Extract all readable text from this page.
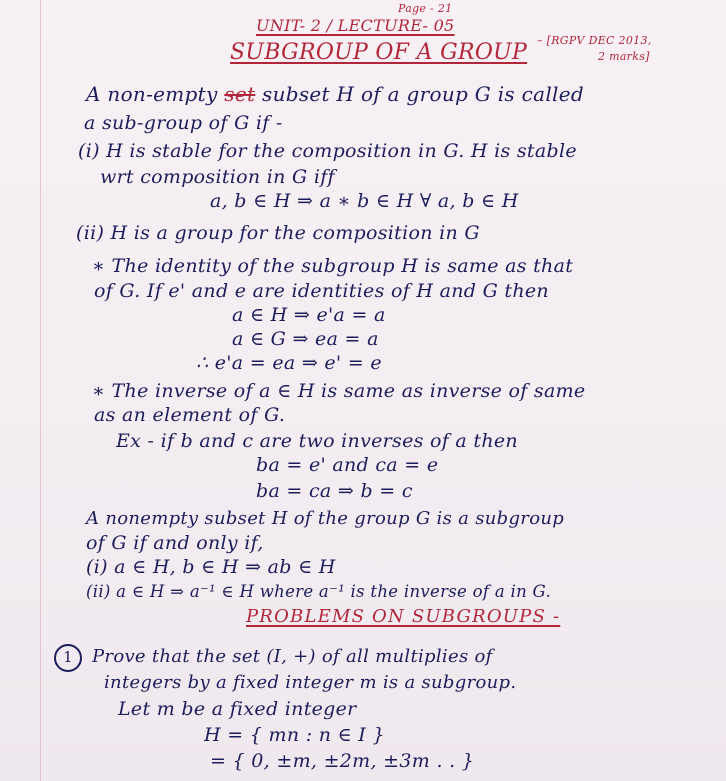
Page - 21
UNIT- 2 / LECTURE- 05
SUBGROUP OF A GROUP – [RGPV DEC 2013,
2 marks]
A non-empty set subset H of a group G is called
a sub-group of G if -
(i) H is stable for the composition in G. H is stable
wrt composition in G iff
a, b ∈ H ⇒ a ∗ b ∈ H ∀ a, b ∈ H
(ii) H is a group for the composition in G
∗ The identity of the subgroup H is same as that
of G. If e' and e are identities of H and G then
a ∈ H ⇒ e'a = a
a ∈ G ⇒ ea = a
∴ e'a = ea ⇒ e' = e
∗ The inverse of a ∈ H is same as inverse of same
as an element of G.
Ex - if b and c are two inverses of a then
ba = e' and ca = e
ba = ca ⇒ b = c
A nonempty subset H of the group G is a subgroup
of G if and only if,
(i) a ∈ H, b ∈ H ⇒ ab ∈ H
(ii) a ∈ H ⇒ a⁻¹ ∈ H where a⁻¹ is the inverse of a in G.
PROBLEMS ON SUBGROUPS -
1 Prove that the set (I, +) of all multiplies of
integers by a fixed integer m is a subgroup.
Let m be a fixed integer
H = { mn : n ∈ I }
= { 0, ±m, ±2m, ±3m . . }
